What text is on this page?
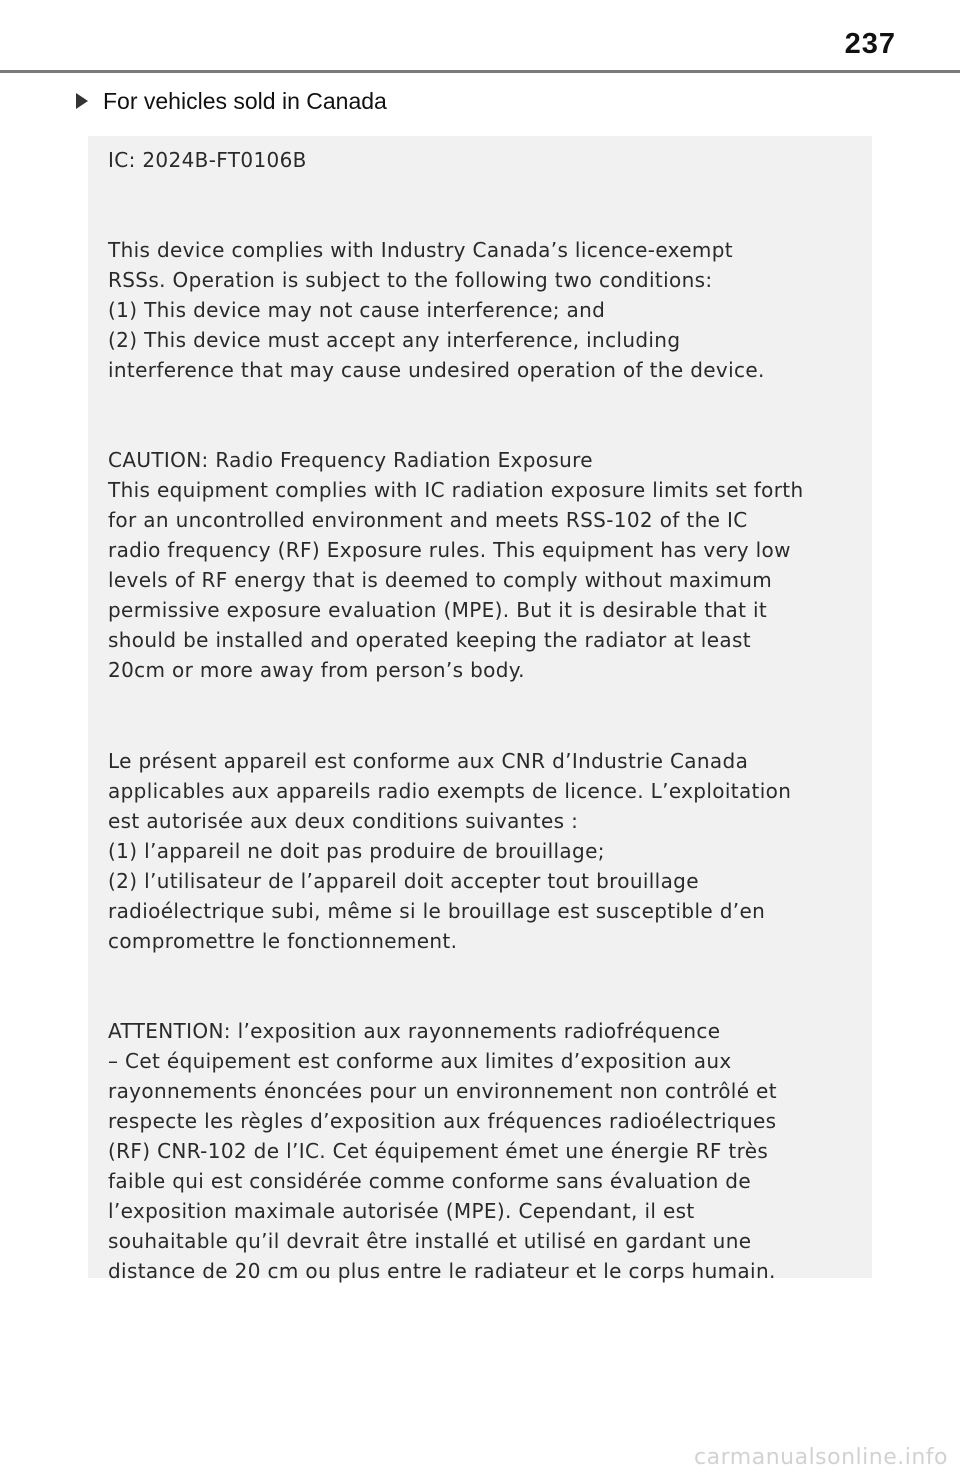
237
For vehicles sold in Canada
IC: 2024B-FT0106B
This device complies with Industry Canada’s licence-exempt
RSSs. Operation is subject to the following two conditions:
(1) This device may not cause interference; and
(2) This device must accept any interference, including
interference that may cause undesired operation of the device.
CAUTION: Radio Frequency Radiation Exposure
This equipment complies with IC radiation exposure limits set forth
for an uncontrolled environment and meets RSS-102 of the IC
radio frequency (RF) Exposure rules. This equipment has very low
levels of RF energy that is deemed to comply without maximum
permissive exposure evaluation (MPE). But it is desirable that it
should be installed and operated keeping the radiator at least
20cm or more away from person’s body.
Le présent appareil est conforme aux CNR d’Industrie Canada
applicables aux appareils radio exempts de licence. L’exploitation
est autorisée aux deux conditions suivantes :
(1) l’appareil ne doit pas produire de brouillage;
(2) l’utilisateur de l’appareil doit accepter tout brouillage
radioélectrique subi, même si le brouillage est susceptible d’en
compromettre le fonctionnement.
ATTENTION: l’exposition aux rayonnements radiofréquence
– Cet équipement est conforme aux limites d’exposition aux
rayonnements énoncées pour un environnement non contrôlé et
respecte les règles d’exposition aux fréquences radioélectriques
(RF) CNR-102 de l’IC. Cet équipement émet une énergie RF très
faible qui est considérée comme conforme sans évaluation de
l’exposition maximale autorisée (MPE). Cependant, il est
souhaitable qu’il devrait être installé et utilisé en gardant une
distance de 20 cm ou plus entre le radiateur et le corps humain.
carmanualsonline.info
